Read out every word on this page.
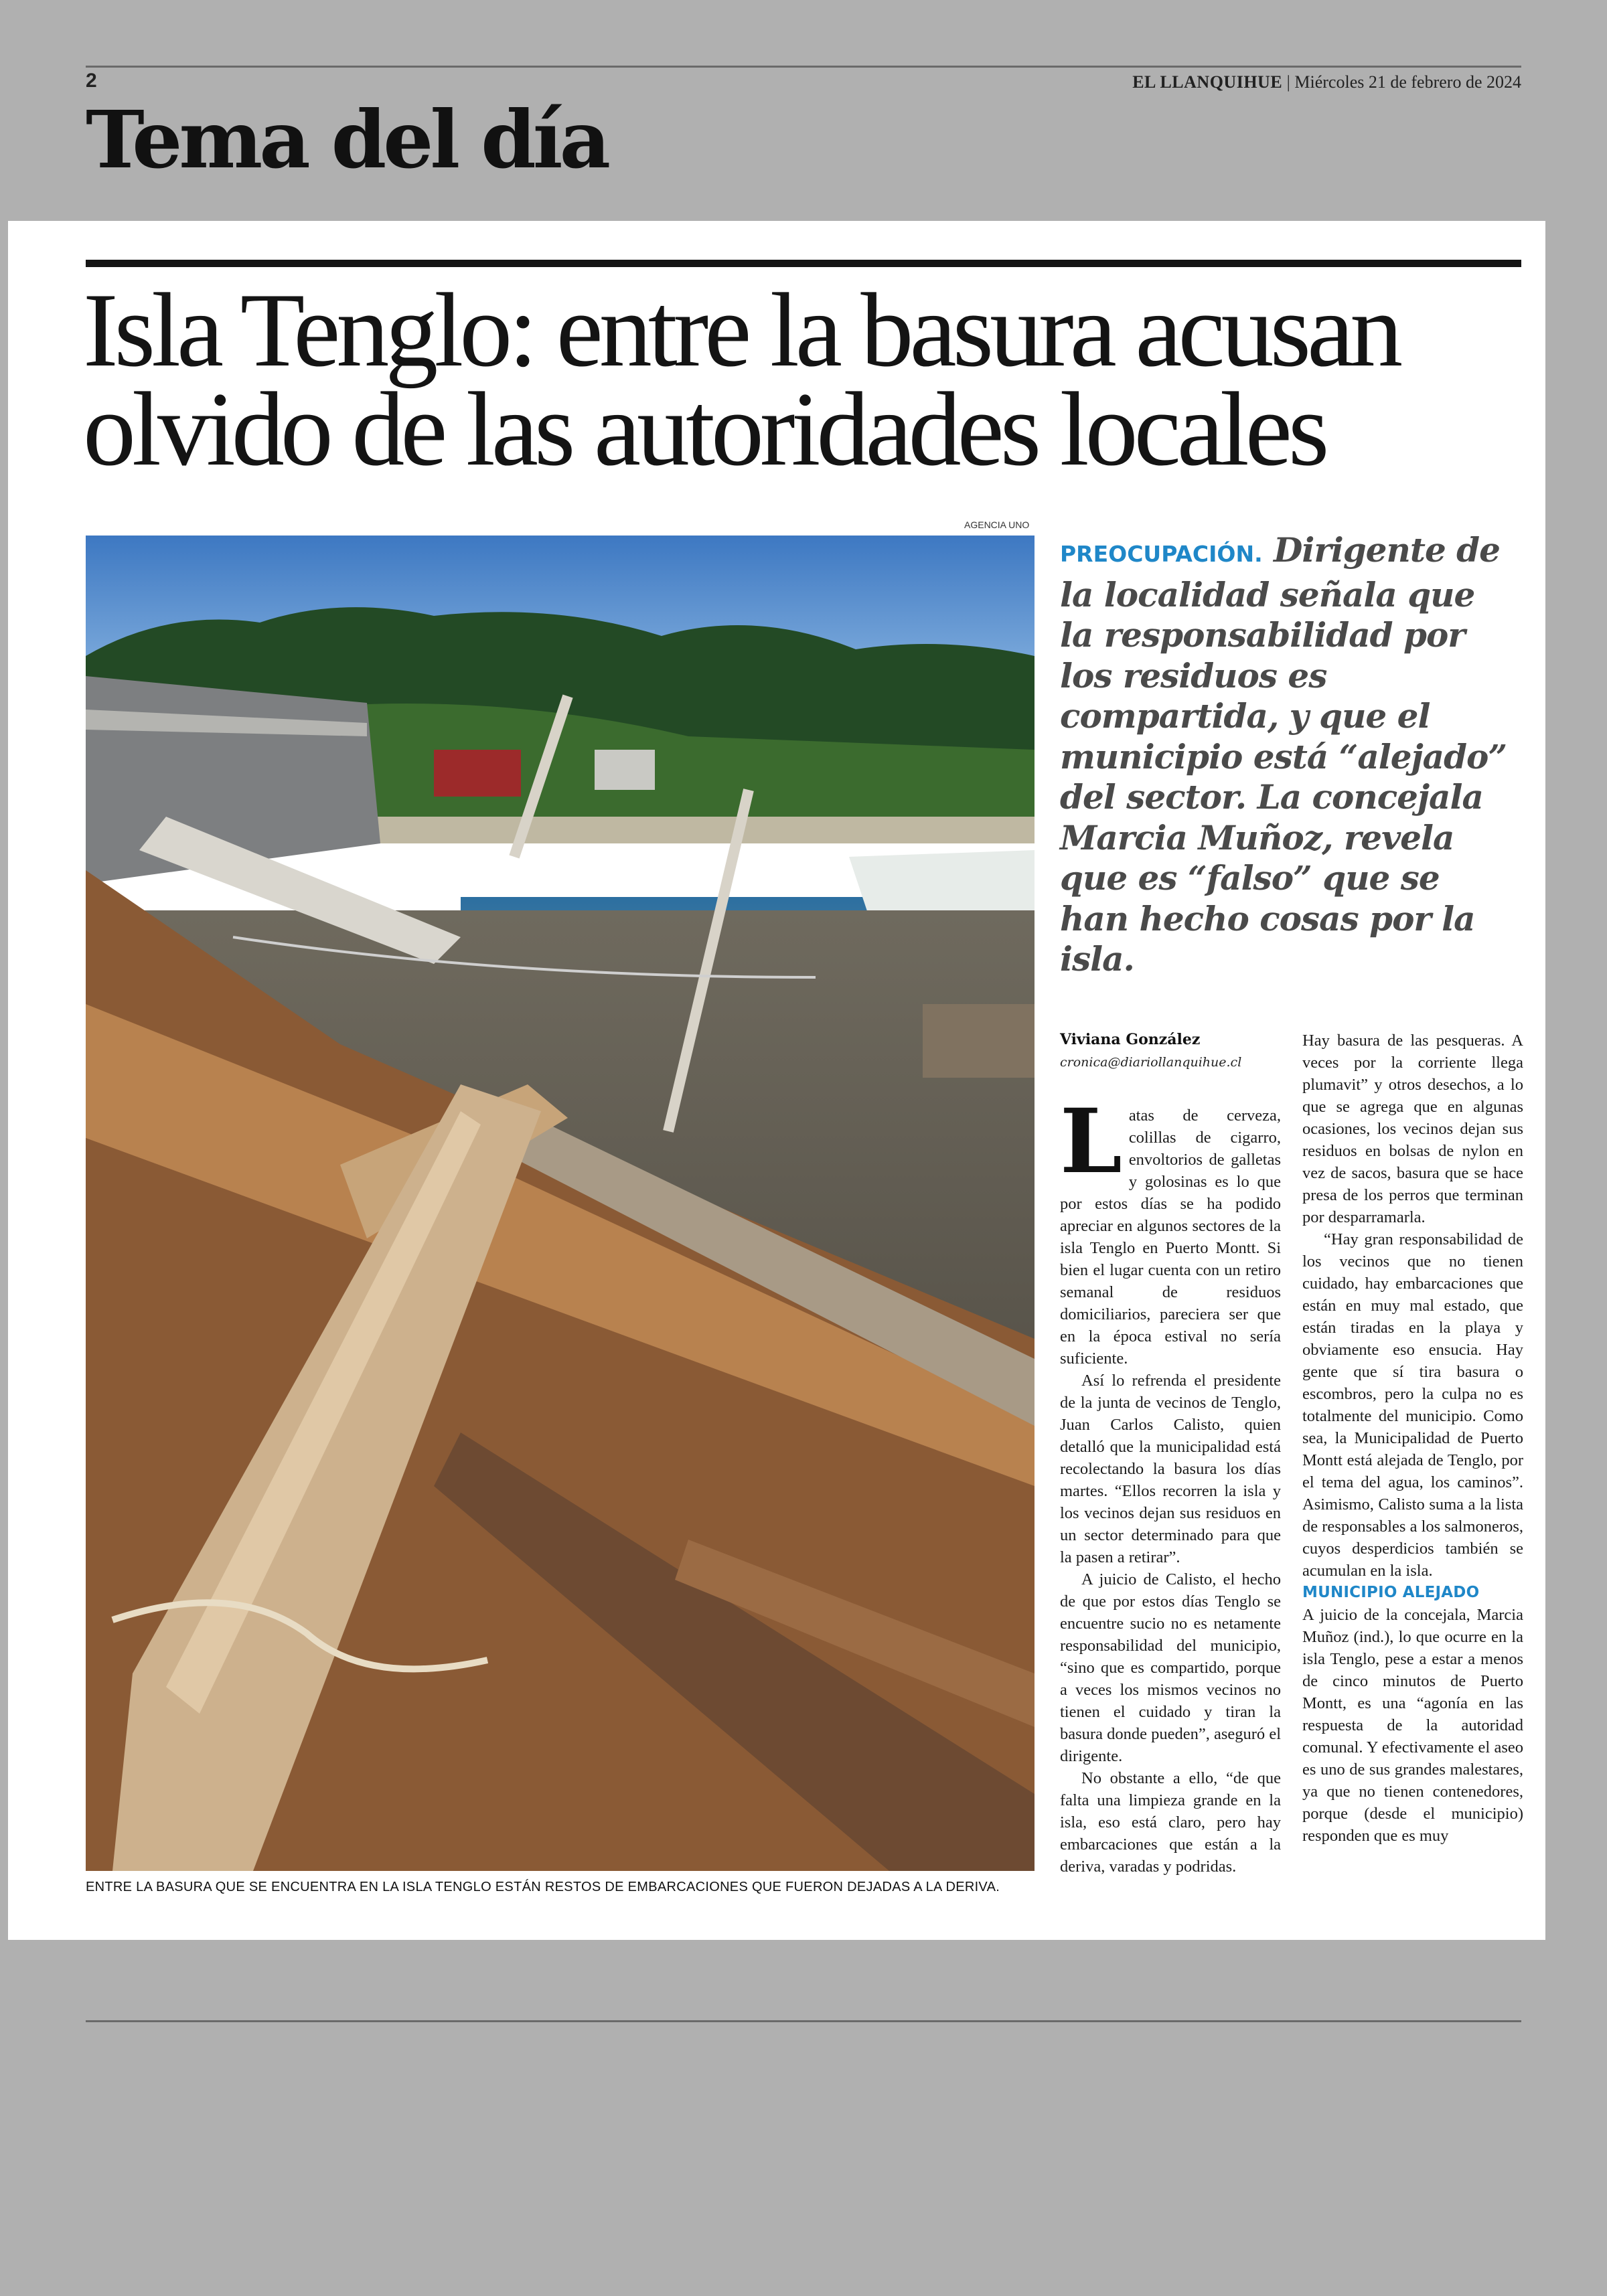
2	EL LLANQUIHUE | Miércoles 21 de febrero de 2024
Tema del día
Isla Tenglo: entre la basura acusan olvido de las autoridades locales
AGENCIA UNO
ENTRE LA BASURA QUE SE ENCUENTRA EN LA ISLA TENGLO ESTÁN RESTOS DE EMBARCACIONES QUE FUERON DEJADAS A LA DERIVA.
PREOCUPACIÓN. Dirigente de la localidad señala que la responsabilidad por los residuos es compartida, y que el municipio está “alejado” del sector. La concejala Marcia Muñoz, revela que es “falso” que se han hecho cosas por la isla.
Viviana González
cronica@diariollanquihue.cl
L atas de cerveza, colillas de cigarro, envoltorios de galletas y golosinas es lo que por estos días se ha podido apreciar en algunos sectores de la isla Tenglo en Puerto Montt. Si bien el lugar cuenta con un retiro semanal de residuos domiciliarios, pareciera ser que en la época estival no sería suficiente.

Así lo refrenda el presidente de la junta de vecinos de Tenglo, Juan Carlos Calisto, quien detalló que la municipalidad está recolectando la basura los días martes. “Ellos recorren la isla y los vecinos dejan sus residuos en un sector determinado para que la pasen a retirar”.

A juicio de Calisto, el hecho de que por estos días Tenglo se encuentre sucio no es netamente responsabilidad del municipio, “sino que es compartido, porque a veces los mismos vecinos no tienen el cuidado y tiran la basura donde pueden”, aseguró el dirigente.

No obstante a ello, “de que falta una limpieza grande en la isla, eso está claro, pero hay embarcaciones que están a la deriva, varadas y podridas.

Hay basura de las pesqueras. A veces por la corriente llega plumavit” y otros desechos, a lo que se agrega que en algunas ocasiones, los vecinos dejan sus residuos en bolsas de nylon en vez de sacos, basura que se hace presa de los perros que terminan por desparramarla.

“Hay gran responsabilidad de los vecinos que no tienen cuidado, hay embarcaciones que están en muy mal estado, que están tiradas en la playa y obviamente eso ensucia. Hay gente que sí tira basura o escombros, pero la culpa no es totalmente del municipio. Como sea, la Municipalidad de Puerto Montt está alejada de Tenglo, por el tema del agua, los caminos”. Asimismo, Calisto suma a la lista de responsables a los salmoneros, cuyos desperdicios también se acumulan en la isla.

MUNICIPIO ALEJADO

A juicio de la concejala, Marcia Muñoz (ind.), lo que ocurre en la isla Tenglo, pese a estar a menos de cinco minutos de Puerto Montt, es una “agonía en las respuesta de la autoridad comunal. Y efectivamente el aseo es uno de sus grandes malestares, ya que no tienen contenedores, porque (desde el municipio) responden que es muy
